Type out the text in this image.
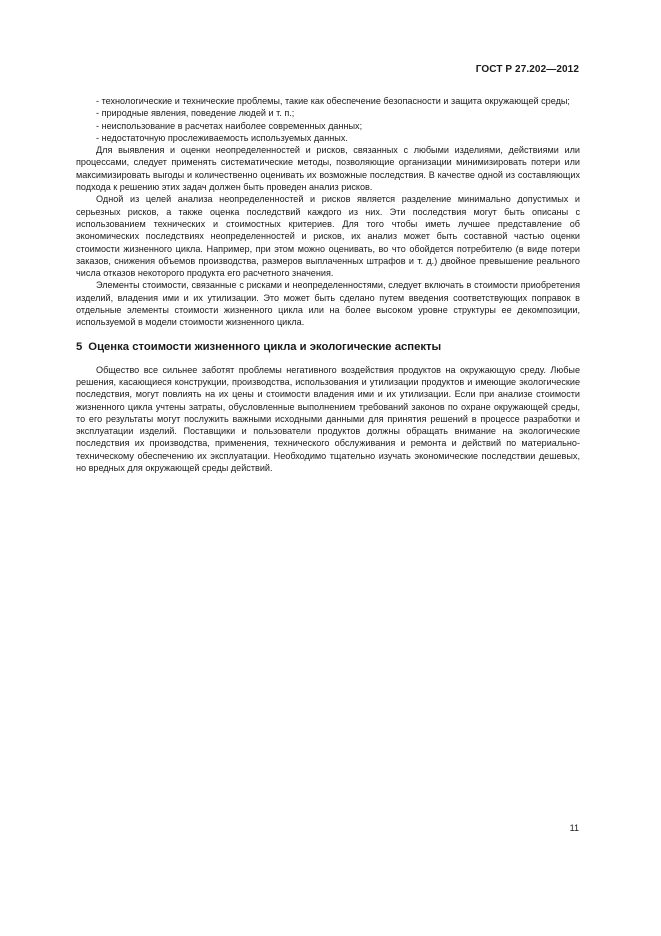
ГОСТ Р 27.202—2012

- технологические и технические проблемы, такие как обеспечение безопасности и защита окружающей среды;

- природные явления, поведение людей и т. п.;

- неиспользование в расчетах наиболее современных данных;

- недостаточную прослеживаемость используемых данных.

Для выявления и оценки неопределенностей и рисков, связанных с любыми изделиями, действиями или процессами, следует применять систематические методы, позволяющие организации минимизировать потери или максимизировать выгоды и количественно оценивать их возможные последствия. В качестве одной из составляющих подхода к решению этих задач должен быть проведен анализ рисков.

Одной из целей анализа неопределенностей и рисков является разделение минимально допустимых и серьезных рисков, а также оценка последствий каждого из них. Эти последствия могут быть описаны с использованием технических и стоимостных критериев. Для того чтобы иметь лучшее представление об экономических последствиях неопределенностей и рисков, их анализ может быть составной частью оценки стоимости жизненного цикла. Например, при этом можно оценивать, во что обойдется потребителю (в виде потери заказов, снижения объемов производства, размеров выплаченных штрафов и т. д.) двойное превышение реального числа отказов некоторого продукта его расчетного значения.

Элементы стоимости, связанные с рисками и неопределенностями, следует включать в стоимости приобретения изделий, владения ими и их утилизации. Это может быть сделано путем введения соответствующих поправок в отдельные элементы стоимости жизненного цикла или на более высоком уровне структуры ее декомпозиции, используемой в модели стоимости жизненного цикла.

5 Оценка стоимости жизненного цикла и экологические аспекты

Общество все сильнее заботят проблемы негативного воздействия продуктов на окружающую среду. Любые решения, касающиеся конструкции, производства, использования и утилизации продуктов и имеющие экологические последствия, могут повлиять на их цены и стоимости владения ими и их утилизации. Если при анализе стоимости жизненного цикла учтены затраты, обусловленные выполнением требований законов по охране окружающей среды, то его результаты могут послужить важными исходными данными для принятия решений в процессе разработки и эксплуатации изделий. Поставщики и пользователи продуктов должны обращать внимание на экологические последствия их производства, применения, технического обслуживания и ремонта и действий по материально-техническому обеспечению их эксплуатации. Необходимо тщательно изучать экономические последствии дешевых, но вредных для окружающей среды действий.

11
